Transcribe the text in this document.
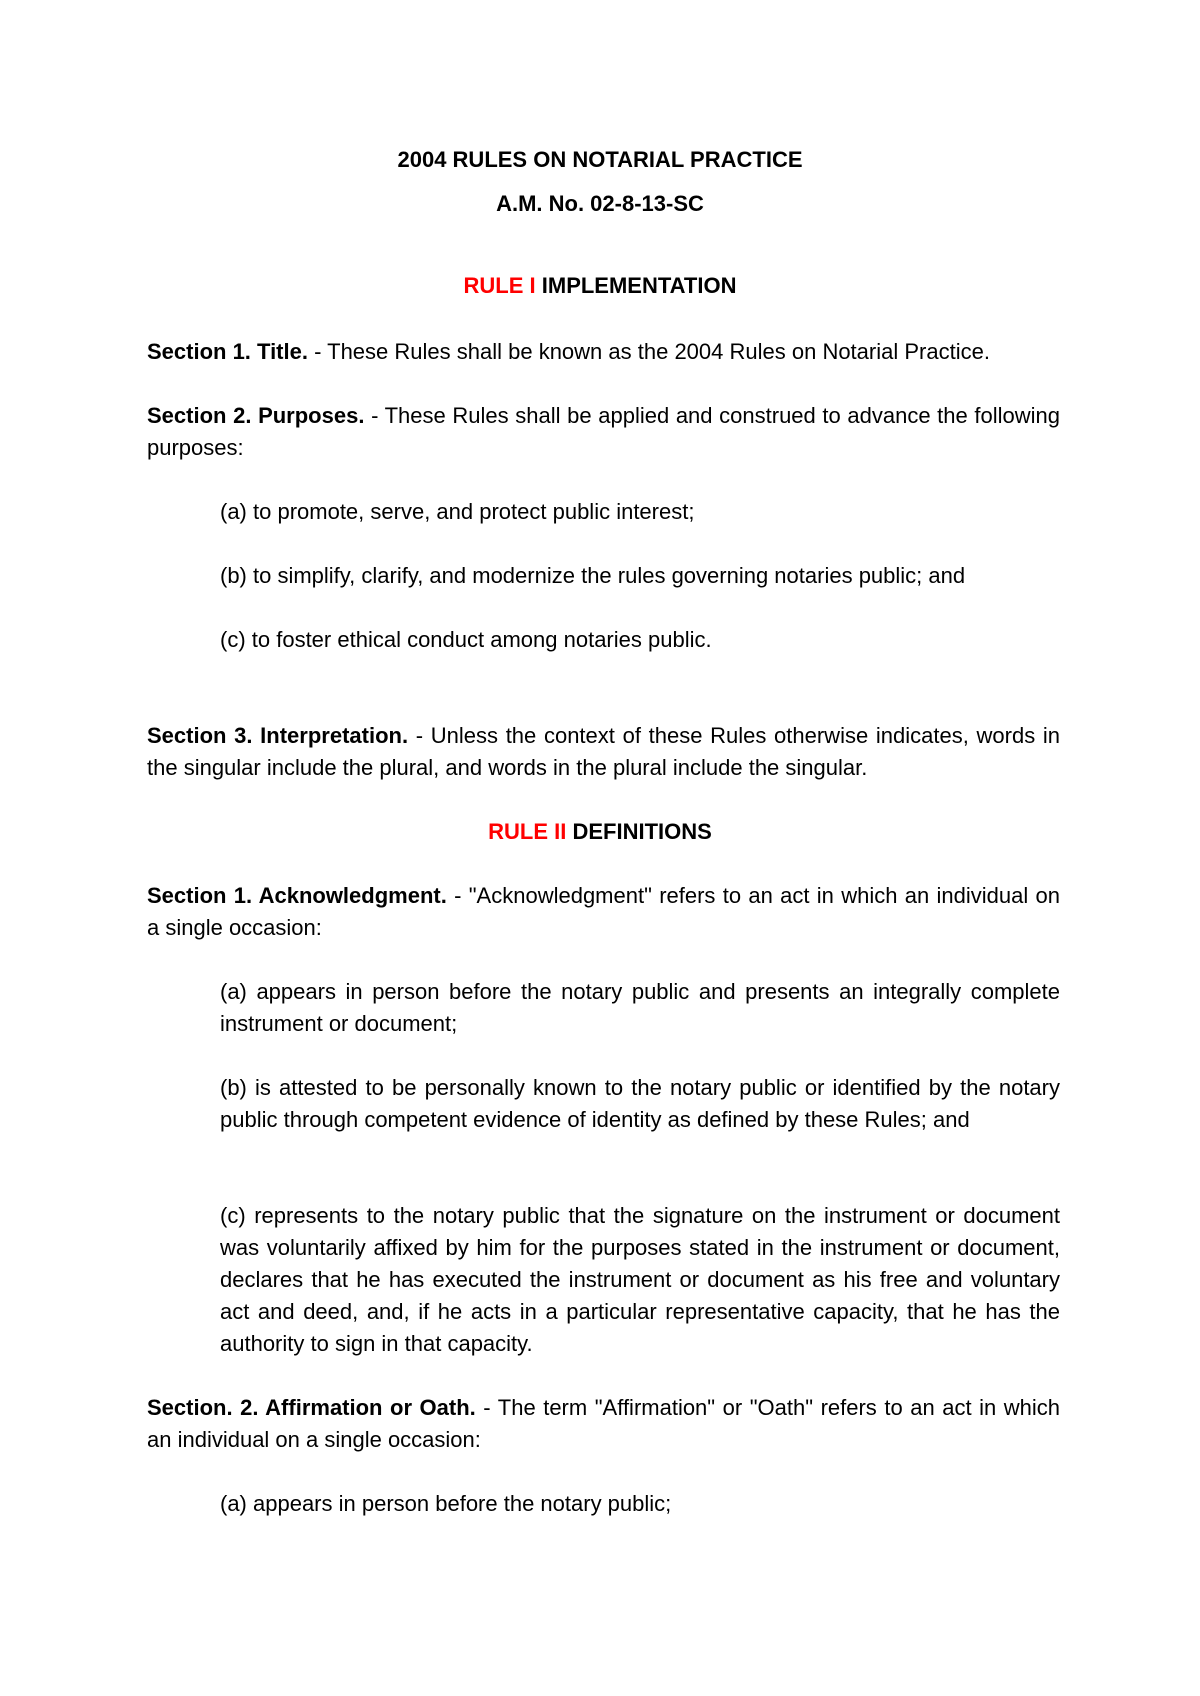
2004 RULES ON NOTARIAL PRACTICE
A.M. No. 02-8-13-SC
RULE I IMPLEMENTATION
Section 1. Title. - These Rules shall be known as the 2004 Rules on Notarial Practice.
Section 2. Purposes. - These Rules shall be applied and construed to advance the following purposes:
(a) to promote, serve, and protect public interest;
(b) to simplify, clarify, and modernize the rules governing notaries public; and
(c) to foster ethical conduct among notaries public.
Section 3. Interpretation. - Unless the context of these Rules otherwise indicates, words in the singular include the plural, and words in the plural include the singular.
RULE II DEFINITIONS
Section 1. Acknowledgment. - "Acknowledgment" refers to an act in which an individual on a single occasion:
(a) appears in person before the notary public and presents an integrally complete instrument or document;
(b) is attested to be personally known to the notary public or identified by the notary public through competent evidence of identity as defined by these Rules; and
(c) represents to the notary public that the signature on the instrument or document was voluntarily affixed by him for the purposes stated in the instrument or document, declares that he has executed the instrument or document as his free and voluntary act and deed, and, if he acts in a particular representative capacity, that he has the authority to sign in that capacity.
Section. 2. Affirmation or Oath. - The term "Affirmation" or "Oath" refers to an act in which an individual on a single occasion:
(a) appears in person before the notary public;
